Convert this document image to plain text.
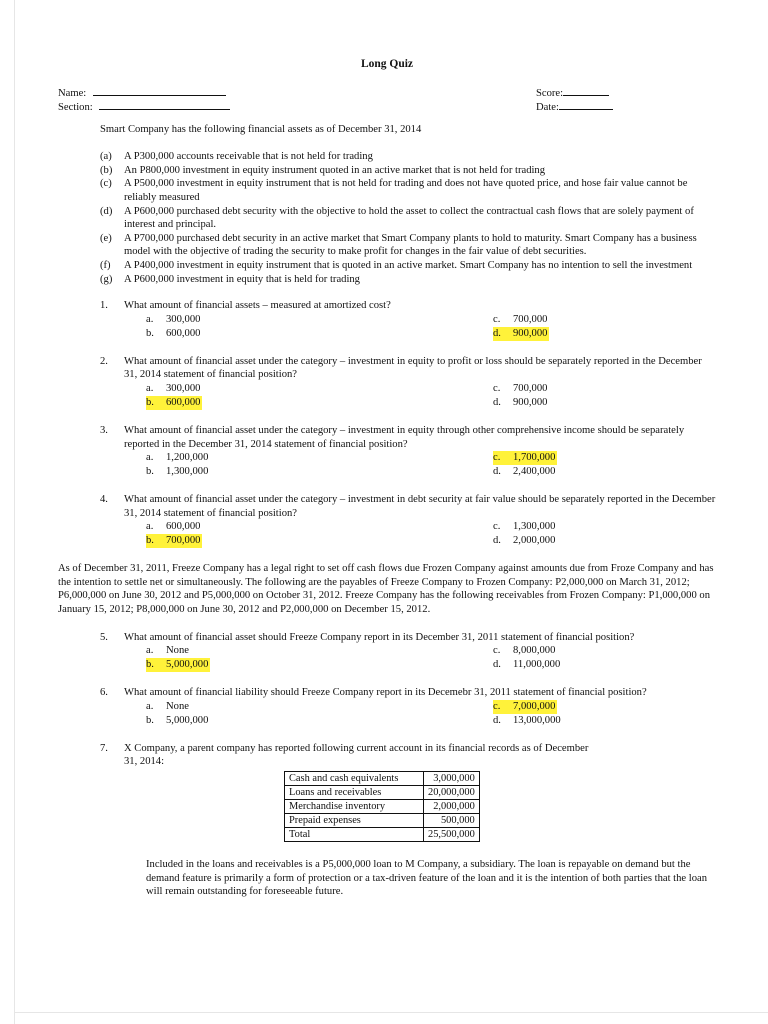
Long Quiz
Name:
Section:
Score:
Date:
Smart Company has the following financial assets as of December 31, 2014
(a)	A P300,000 accounts receivable that is not held for trading
(b)	An P800,000 investment in equity instrument quoted in an active market that is not held for trading
(c)	A P500,000 investment in equity instrument that is not held for trading and does not have quoted price, and hose fair value cannot be reliably measured
(d)	A P600,000 purchased debt security with the objective to hold the asset to collect the contractual cash flows that are solely payment of interest and principal.
(e)	A P700,000 purchased debt security in an active market that Smart Company plants to hold to maturity. Smart Company has a business model with the objective of trading the security to make profit for changes in the fair value of debt securities.
(f)	A P400,000 investment in equity instrument that is quoted in an active market. Smart Company has no intention to sell the investment
(g)	A P600,000 investment in equity that is held for trading
1.	What amount of financial assets – measured at amortized cost?
a.	300,000	c.	700,000
b.	600,000	d.	900,000
2.	What amount of financial asset under the category – investment in equity to profit or loss should be separately reported in the December 31, 2014 statement of financial position?
a.	300,000	c.	700,000
b.	600,000	d.	900,000
3.	What amount of financial asset under the category – investment in equity through other comprehensive income should be separately reported in the December 31, 2014 statement of financial position?
a.	1,200,000	c.	1,700,000
b.	1,300,000	d.	2,400,000
4.	What amount of financial asset under the category – investment in debt security at fair value should be separately reported in the December 31, 2014 statement of financial position?
a.	600,000	c.	1,300,000
b.	700,000	d.	2,000,000
As of December 31, 2011, Freeze Company has a legal right to set off cash flows due Frozen Company against amounts due from Froze Company and has the intention to settle net or simultaneously. The following are the payables of Freeze Company to Frozen Company: P2,000,000 on March 31, 2012; P6,000,000 on June 30, 2012 and P5,000,000 on October 31, 2012. Freeze Company has the following receivables from Frozen Company: P1,000,000 on January 15, 2012; P8,000,000 on June 30, 2012 and P2,000,000 on December 15, 2012.
5.	What amount of financial asset should Freeze Company report in its December 31, 2011 statement of financial position?
a.	None	c.	8,000,000
b.	5,000,000	d.	11,000,000
6.	What amount of financial liability should Freeze Company report in its Decemebr 31, 2011 statement of financial position?
a.	None	c.	7,000,000
b.	5,000,000	d.	13,000,000
7.	X Company, a parent company has reported following current account in its financial records as of December 31, 2014:
Cash and cash equivalents	3,000,000
Loans and receivables	20,000,000
Merchandise inventory	2,000,000
Prepaid expenses	500,000
Total	25,500,000
Included in the loans and receivables is a P5,000,000 loan to M Company, a subsidiary. The loan is repayable on demand but the demand feature is primarily a form of protection or a tax-driven feature of the loan and it is the intention of both parties that the loan will remain outstanding for foreseeable future.
